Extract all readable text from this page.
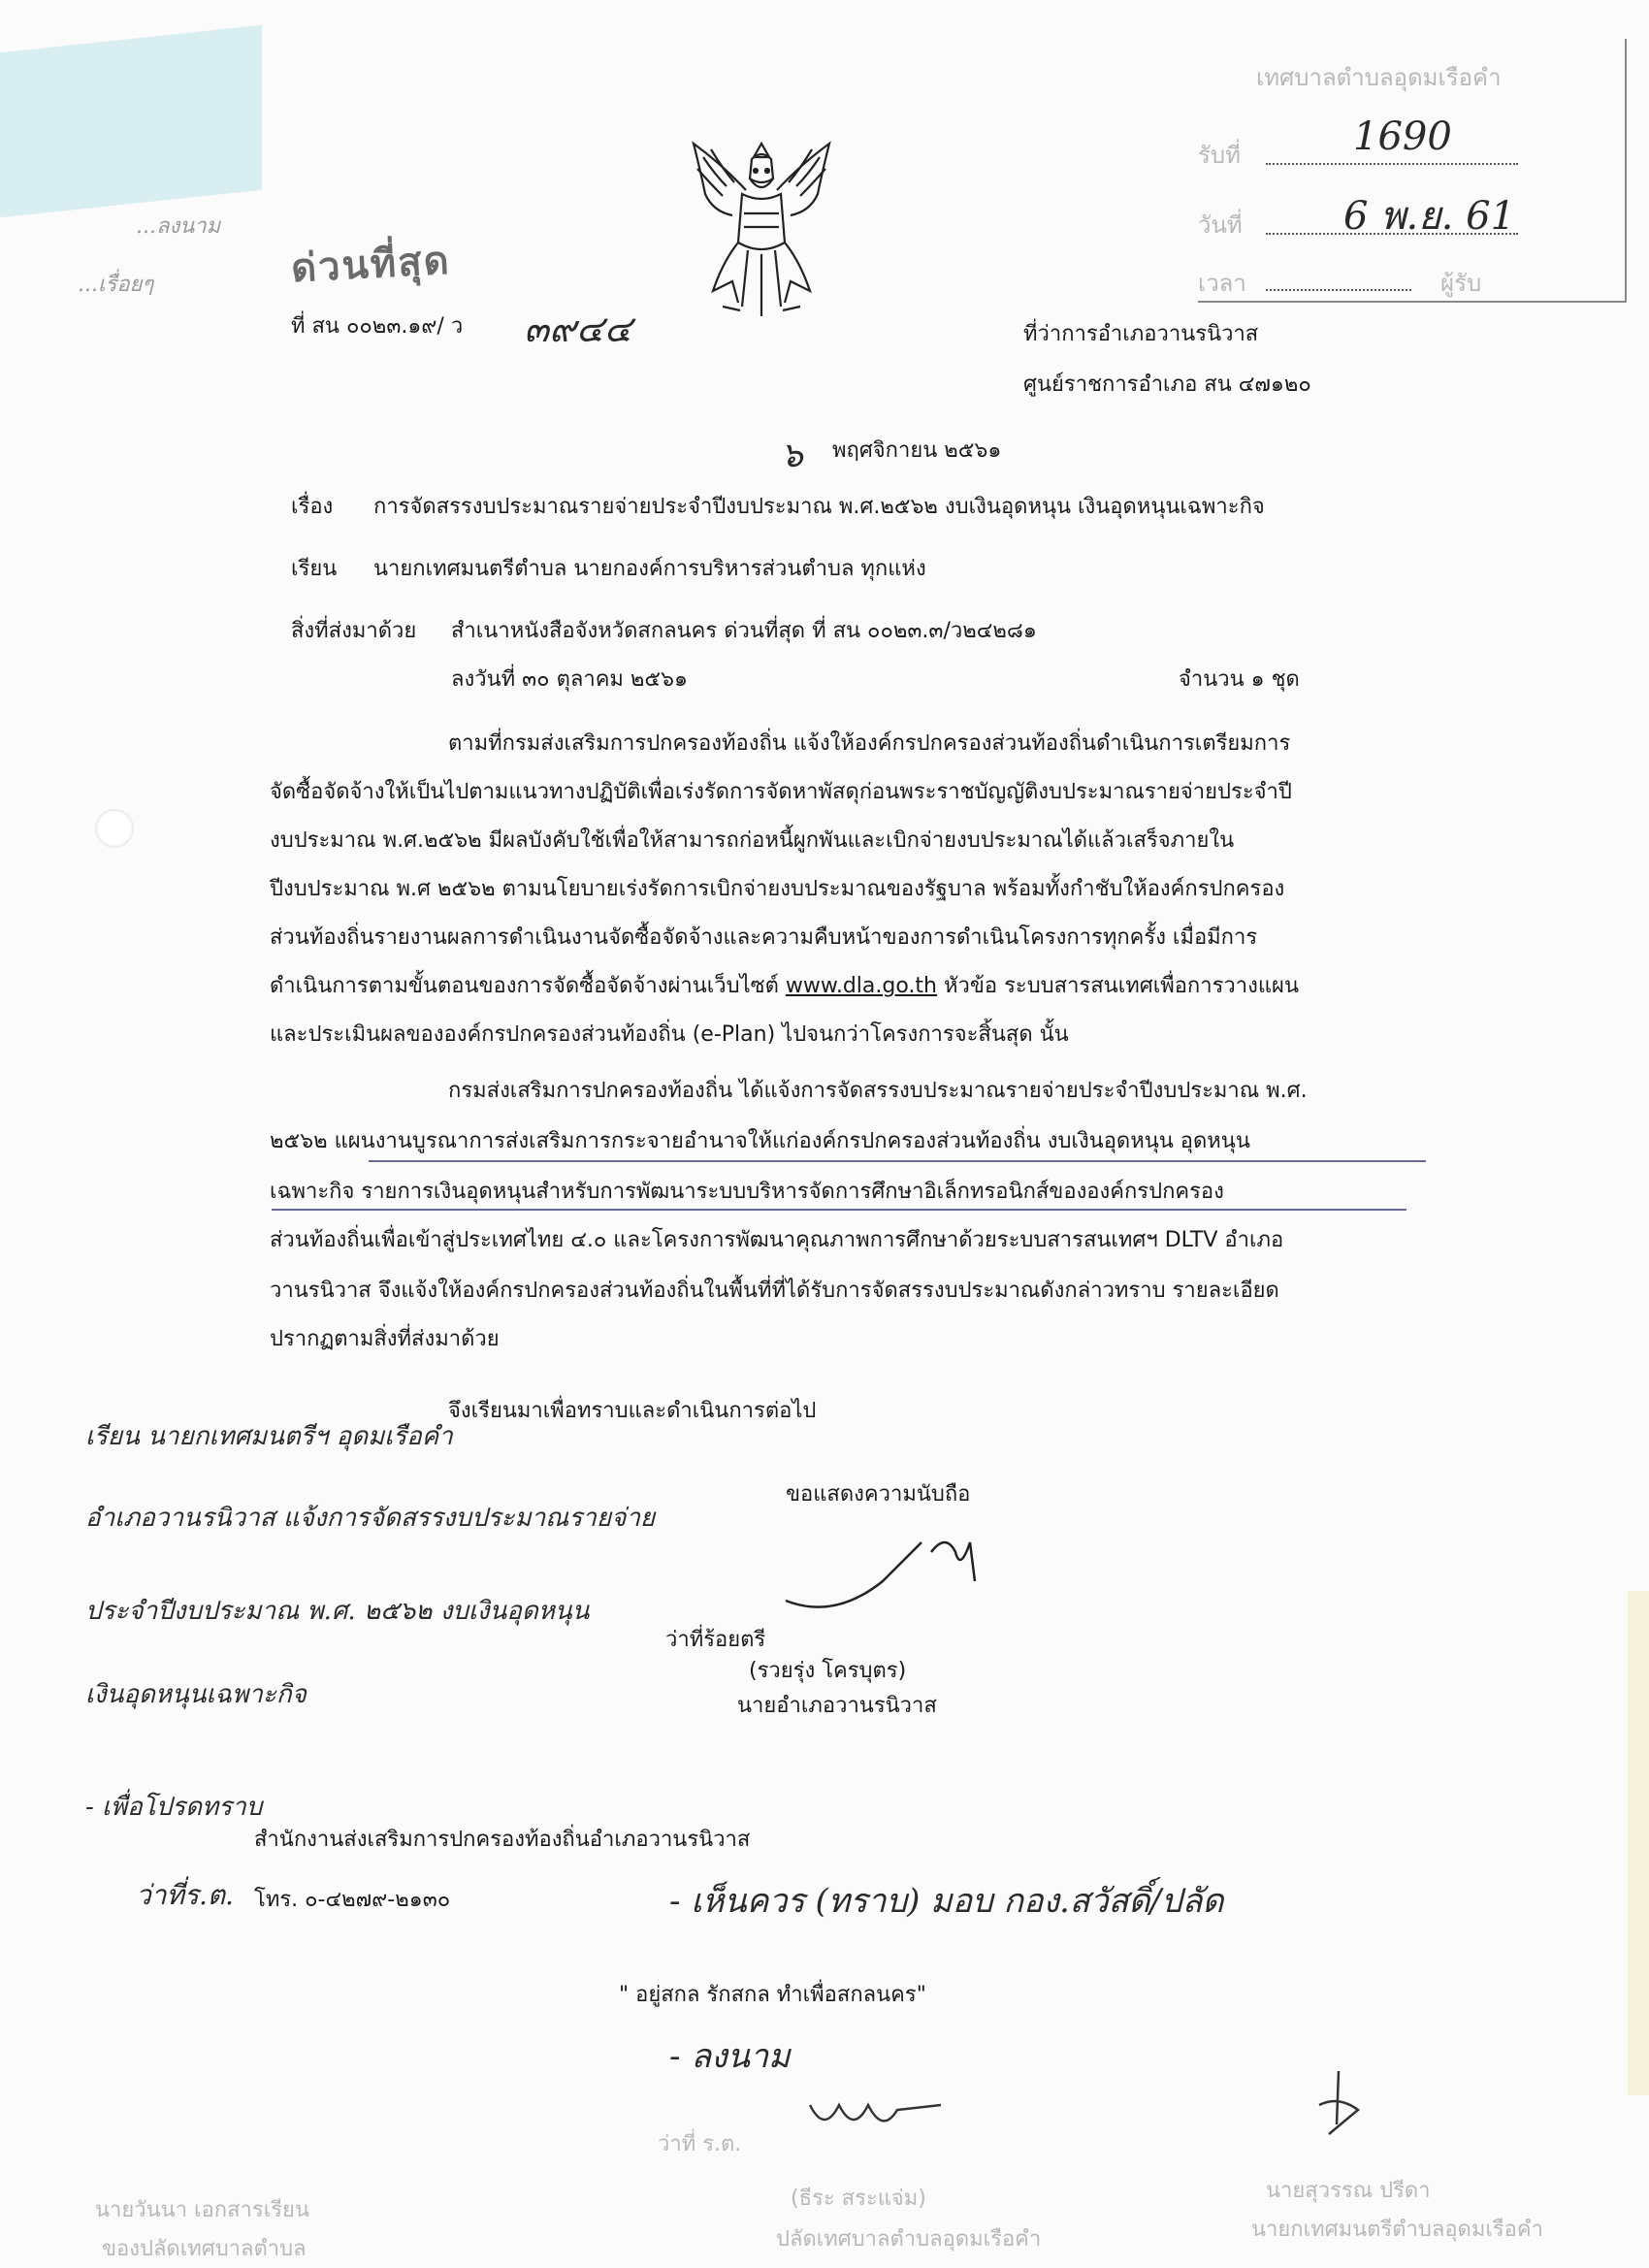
...ลงนาม
...เรื่อยๆ	ด่วนที่สุด
เทศบาลตำบลอุดมเรือคำ
รับที่	1690
วันที่	6 พ.ย. 61
เวลา	ผู้รับ
ที่ สน ๐๐๒๓.๑๙/ ว ๓๙๔๔	ที่ว่าการอำเภอวานรนิวาส
ศูนย์ราชการอำเภอ สน ๔๗๑๒๐
๖ พฤศจิกายน ๒๕๖๑
เรื่อง การจัดสรรงบประมาณรายจ่ายประจำปีงบประมาณ พ.ศ.๒๕๖๒ งบเงินอุดหนุน เงินอุดหนุนเฉพาะกิจ
เรียน นายกเทศมนตรีตำบล นายกองค์การบริหารส่วนตำบล ทุกแห่ง
สิ่งที่ส่งมาด้วย สำเนาหนังสือจังหวัดสกลนคร ด่วนที่สุด ที่ สน ๐๐๒๓.๓/ว๒๔๒๘๑
ลงวันที่ ๓๐ ตุลาคม ๒๕๖๑	จำนวน ๑ ชุด
ตามที่กรมส่งเสริมการปกครองท้องถิ่น แจ้งให้องค์กรปกครองส่วนท้องถิ่นดำเนินการเตรียมการ
จัดซื้อจัดจ้างให้เป็นไปตามแนวทางปฏิบัติเพื่อเร่งรัดการจัดหาพัสดุก่อนพระราชบัญญัติงบประมาณรายจ่ายประจำปี
งบประมาณ พ.ศ.๒๕๖๒ มีผลบังคับใช้เพื่อให้สามารถก่อหนี้ผูกพันและเบิกจ่ายงบประมาณได้แล้วเสร็จภายใน
ปีงบประมาณ พ.ศ ๒๕๖๒ ตามนโยบายเร่งรัดการเบิกจ่ายงบประมาณของรัฐบาล พร้อมทั้งกำชับให้องค์กรปกครอง
ส่วนท้องถิ่นรายงานผลการดำเนินงานจัดซื้อจัดจ้างและความคืบหน้าของการดำเนินโครงการทุกครั้ง เมื่อมีการ
ดำเนินการตามขั้นตอนของการจัดซื้อจัดจ้างผ่านเว็บไซต์ www.dla.go.th หัวข้อ ระบบสารสนเทศเพื่อการวางแผน
และประเมินผลขององค์กรปกครองส่วนท้องถิ่น (e-Plan) ไปจนกว่าโครงการจะสิ้นสุด นั้น
กรมส่งเสริมการปกครองท้องถิ่น ได้แจ้งการจัดสรรงบประมาณรายจ่ายประจำปีงบประมาณ พ.ศ.
๒๕๖๒ แผนงานบูรณาการส่งเสริมการกระจายอำนาจให้แก่องค์กรปกครองส่วนท้องถิ่น งบเงินอุดหนุน อุดหนุน
เฉพาะกิจ รายการเงินอุดหนุนสำหรับการพัฒนาระบบบริหารจัดการศึกษาอิเล็กทรอนิกส์ขององค์กรปกครอง
ส่วนท้องถิ่นเพื่อเข้าสู่ประเทศไทย ๔.๐ และโครงการพัฒนาคุณภาพการศึกษาด้วยระบบสารสนเทศฯ DLTV อำเภอ
วานรนิวาส จึงแจ้งให้องค์กรปกครองส่วนท้องถิ่นในพื้นที่ที่ได้รับการจัดสรรงบประมาณดังกล่าวทราบ รายละเอียด
ปรากฏตามสิ่งที่ส่งมาด้วย
จึงเรียนมาเพื่อทราบและดำเนินการต่อไป
ขอแสดงความนับถือ
ว่าที่ร้อยตรี
(รวยรุ่ง โครบุตร)
นายอำเภอวานรนิวาส
เรียน นายกเทศมนตรีฯ อุดมเรือคำ
อำเภอวานรนิวาส แจ้งการจัดสรรงบประมาณรายจ่าย
ประจำปีงบประมาณ พ.ศ. ๒๕๖๒ งบเงินอุดหนุน
เงินอุดหนุนเฉพาะกิจ
- เพื่อโปรดทราบ
สำนักงานส่งเสริมการปกครองท้องถิ่นอำเภอวานรนิวาส
โทร. ๐-๔๒๗๙-๒๑๓๐
" อยู่สกล รักสกล ทำเพื่อสกลนคร"
- เห็นควร (ทราบ) มอบ กอง.สวัสดิ์/ปลัด
- ลงนาม
ว่าที่ร.ต.
นายวันนา เอกสารเรียน
ของปลัดเทศบาลตำบล
ว่าที่ ร.ต.
(ธีระ สระแจ่ม)
ปลัดเทศบาลตำบลอุดมเรือคำ
นายสุวรรณ ปรีดา
นายกเทศมนตรีตำบลอุดมเรือคำ
